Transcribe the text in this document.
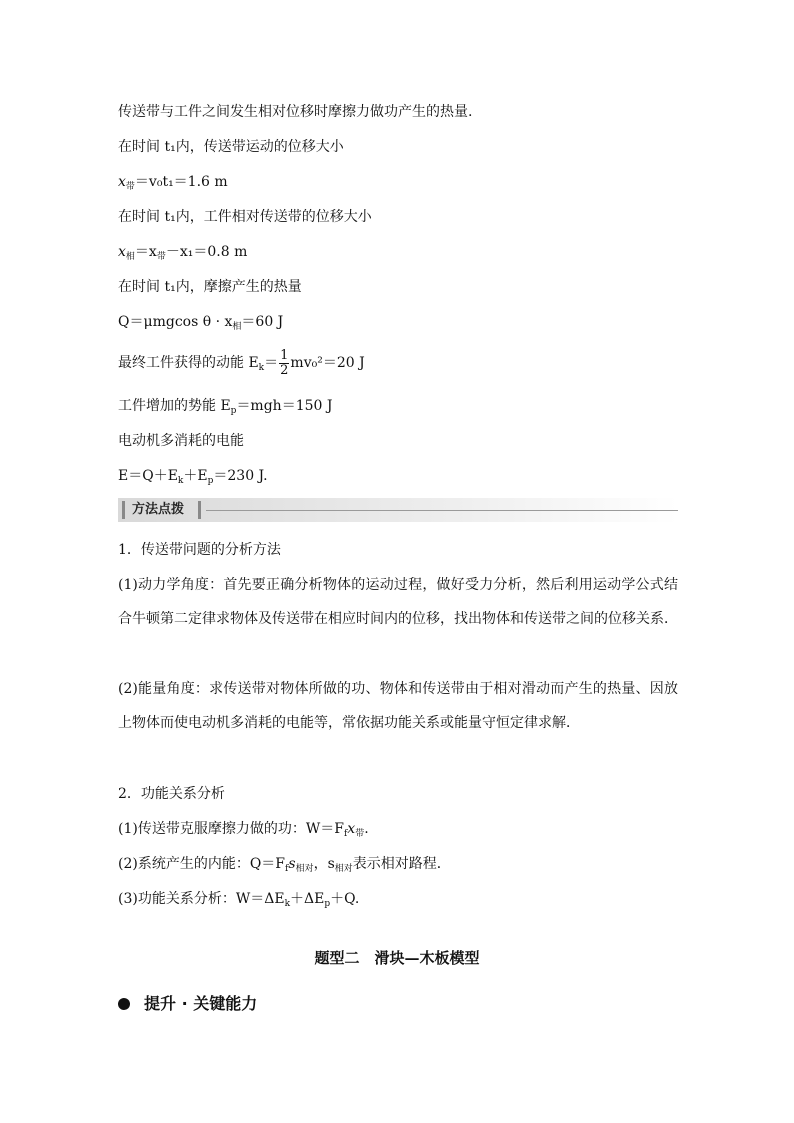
传送带与工件之间发生相对位移时摩擦力做功产生的热量.
在时间 t₁内，传送带运动的位移大小
$x_带=v_0t_1=1.6$ m
在时间 t₁内，工件相对传送带的位移大小
$x_相=x_带-x_1=0.8$ m
在时间 t₁内，摩擦产生的热量
Q＝μmgcos $\theta \cdot x_相=60$ J
最终工件获得的动能 $E_k= \frac{1}{2} mv_0^2=20$ J
工件增加的势能 $E_p=mgh=150$ J
电动机多消耗的电能
$E=Q+E_k+E_p=230$ J.
方法点拨
1．传送带问题的分析方法
(1)动力学角度：首先要正确分析物体的运动过程，做好受力分析，然后利用运动学公式结合牛顿第二定律求物体及传送带在相应时间内的位移，找出物体和传送带之间的位移关系．
(2)能量角度：求传送带对物体所做的功、物体和传送带由于相对滑动而产生的热量、因放上物体而使电动机多消耗的电能等，常依据功能关系或能量守恒定律求解．
2．功能关系分析
(1)传送带克服摩擦力做的功：$W=F_fx_带$.
(2)系统产生的内能：$Q=F_fs_{相对}$，$s_{相对}$表示相对路程．
(3)功能关系分析：$W=\Delta E_k+\Delta E_p+Q$.
题型二　滑块—木板模型
提升 · 关键能力
